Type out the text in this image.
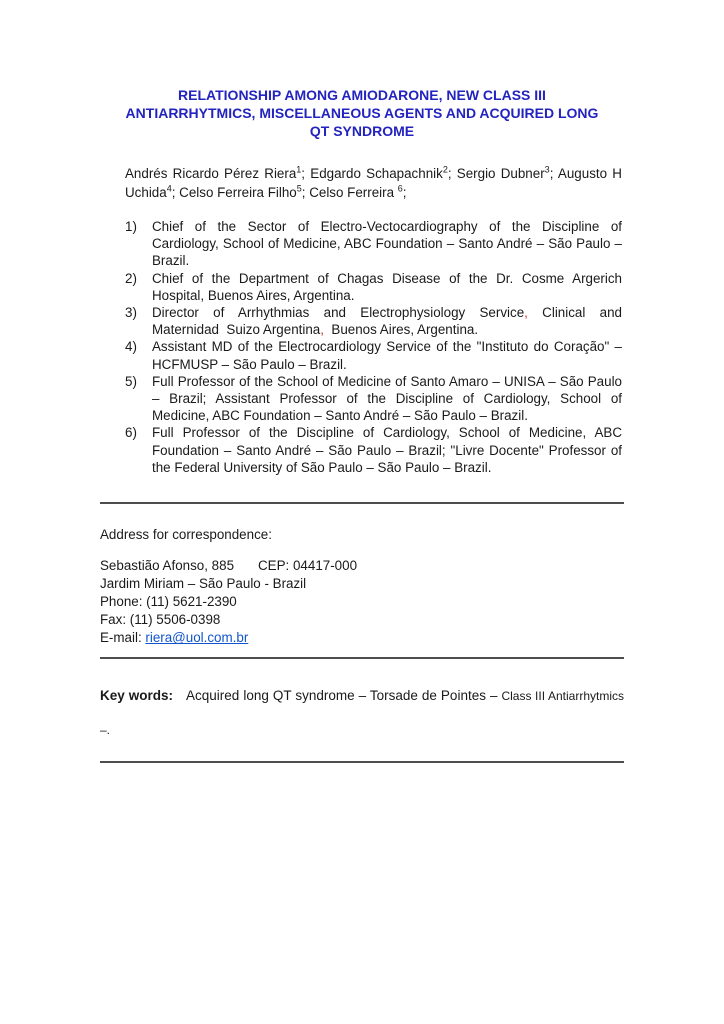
RELATIONSHIP AMONG AMIODARONE, NEW CLASS III
ANTIARRHYTMICS, MISCELLANEOUS AGENTS AND ACQUIRED LONG
QT SYNDROME

Andrés Ricardo Pérez Riera$^1$; Edgardo Schapachnik$^2$; Sergio Dubner$^3$; Augusto H Uchida$^4$; Celso Ferreira Filho$^5$; Celso Ferreira $^6$;

1) Chief of the Sector of Electro-Vectocardiography of the Discipline of Cardiology, School of Medicine, ABC Foundation – Santo André – São Paulo – Brazil.
2) Chief of the Department of Chagas Disease of the Dr. Cosme Argerich Hospital, Buenos Aires, Argentina.
3) Director of Arrhythmias and Electrophysiology Service, Clinical and Maternidad  Suizo Argentina,  Buenos Aires, Argentina.
4) Assistant MD of the Electrocardiology Service of the "Instituto do Coração" – HCFMUSP – São Paulo – Brazil.
5) Full Professor of the School of Medicine of Santo Amaro – UNISA – São Paulo – Brazil; Assistant Professor of the Discipline of Cardiology, School of Medicine, ABC Foundation – Santo André – São Paulo – Brazil.
6) Full Professor of the Discipline of Cardiology, School of Medicine, ABC Foundation – Santo André – São Paulo – Brazil; "Livre Docente" Professor of the Federal University of São Paulo – São Paulo – Brazil.

Address for correspondence:

Sebastião Afonso, 885 CEP: 04417-000
Jardim Miriam – São Paulo - Brazil
Phone: (11) 5621-2390
Fax: (11) 5506-0398
E-mail: riera@uol.com.br

Key words: Acquired long QT syndrome – Torsade de Pointes – Class III Antiarrhytmics –.
